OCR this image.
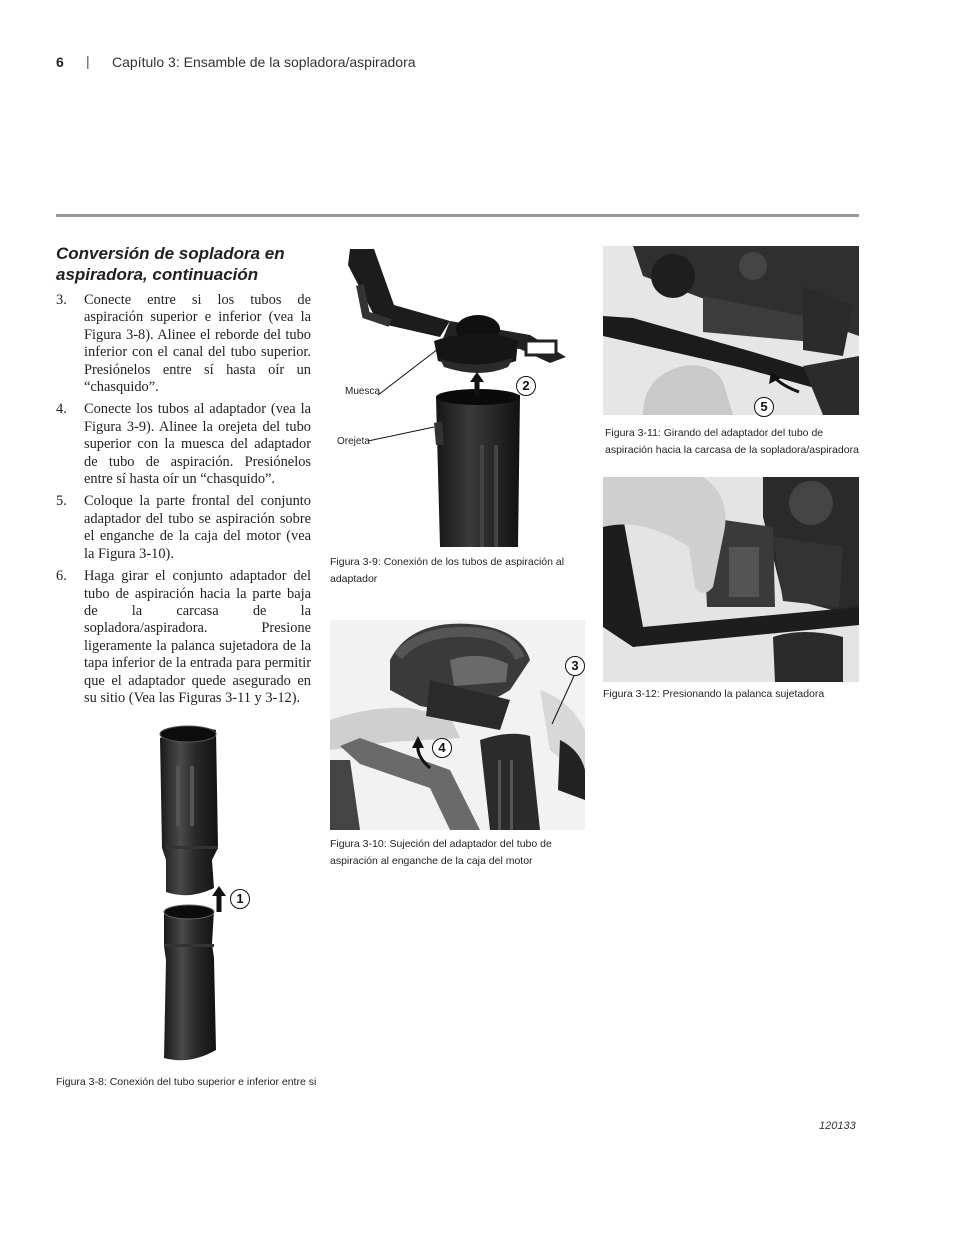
6 | Capítulo 3: Ensamble de la sopladora/aspiradora
Conversión de sopladora en aspiradora, continuación
3.	Conecte entre si los tubos de aspiración superior e inferior (vea la Figura 3-8). Alinee el reborde del tubo inferior con el canal del tubo superior. Presiónelos entre sí hasta oír un “chasquido”.
4.	Conecte los tubos al adaptador (vea la Figura 3-9). Alinee la orejeta del tubo superior con la muesca del adaptador de tubo de aspiración. Presiónelos entre sí hasta oír un “chasquido”.
5.	Coloque la parte frontal del conjunto adaptador del tubo se aspiración sobre el enganche de la caja del motor (vea la Figura 3-10).
6.	Haga girar el conjunto adaptador del tubo de aspiración hacia la parte baja de la carcasa de la sopladora/aspiradora. Presione ligeramente la palanca sujetadora de la tapa inferior de la entrada para permitir que el adaptador quede asegurado en su sitio (Vea las Figuras 3-11 y 3-12).
1
Figura 3-8: Conexión del tubo superior e inferior entre si
2
Muesca
Orejeta
Figura 3-9: Conexión de los tubos de aspiración al adaptador
3
4
Figura 3-10: Sujeción del adaptador del tubo de aspiración al enganche de la caja del motor
5
Figura 3-11: Girando del adaptador del tubo de aspiración hacia la carcasa de la sopladora/aspiradora
Figura 3-12: Presionando la palanca sujetadora
120133
